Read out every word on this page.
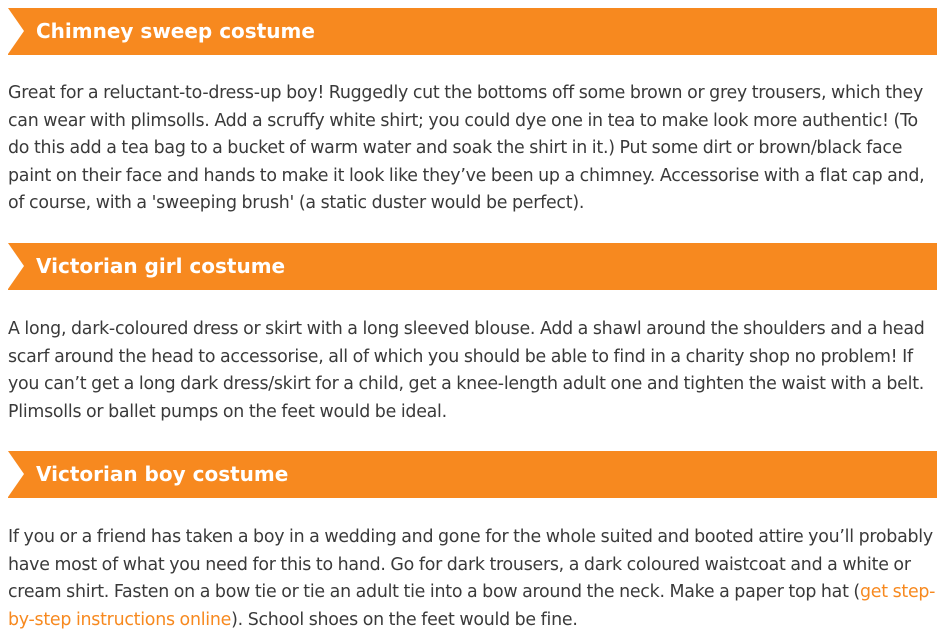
Chimney sweep costume

Great for a reluctant-to-dress-up boy! Ruggedly cut the bottoms off some brown or grey trousers, which they can wear with plimsolls. Add a scruffy white shirt; you could dye one in tea to make look more authentic! (To do this add a tea bag to a bucket of warm water and soak the shirt in it.) Put some dirt or brown/black face paint on their face and hands to make it look like they’ve been up a chimney. Accessorise with a flat cap and, of course, with a 'sweeping brush' (a static duster would be perfect).

Victorian girl costume

A long, dark-coloured dress or skirt with a long sleeved blouse. Add a shawl around the shoulders and a head scarf around the head to accessorise, all of which you should be able to find in a charity shop no problem! If you can’t get a long dark dress/skirt for a child, get a knee-length adult one and tighten the waist with a belt. Plimsolls or ballet pumps on the feet would be ideal.

Victorian boy costume

If you or a friend has taken a boy in a wedding and gone for the whole suited and booted attire you’ll probably have most of what you need for this to hand. Go for dark trousers, a dark coloured waistcoat and a white or cream shirt. Fasten on a bow tie or tie an adult tie into a bow around the neck. Make a paper top hat (get step-by-step instructions online). School shoes on the feet would be fine.
